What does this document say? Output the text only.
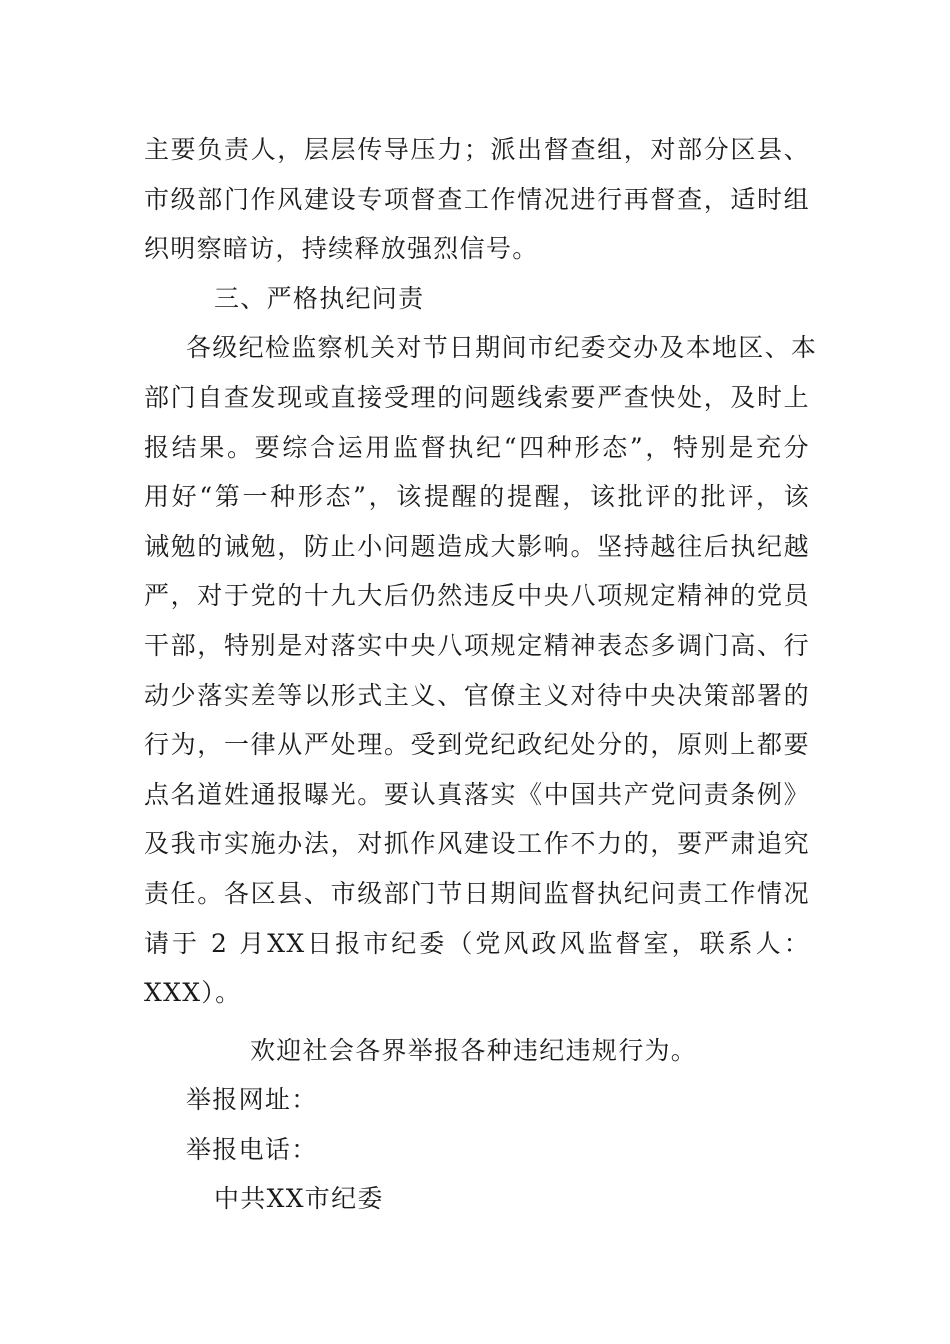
主要负责人，层层传导压力；派出督查组，对部分区县、
市级部门作风建设专项督查工作情况进行再督查，适时组
织明察暗访，持续释放强烈信号。
三、严格执纪问责
各级纪检监察机关对节日期间市纪委交办及本地区、本
部门自查发现或直接受理的问题线索要严查快处，及时上
报结果。要综合运用监督执纪“四种形态”，特别是充分
用好“第一种形态”，该提醒的提醒，该批评的批评，该
诫勉的诫勉，防止小问题造成大影响。坚持越往后执纪越
严，对于党的十九大后仍然违反中央八项规定精神的党员
干部，特别是对落实中央八项规定精神表态多调门高、行
动少落实差等以形式主义、官僚主义对待中央决策部署的
行为，一律从严处理。受到党纪政纪处分的，原则上都要
点名道姓通报曝光。要认真落实《中国共产党问责条例》
及我市实施办法，对抓作风建设工作不力的，要严肃追究
责任。各区县、市级部门节日期间监督执纪问责工作情况
请于 2 月XX日报市纪委（党风政风监督室，联系人：
XXX）。
欢迎社会各界举报各种违纪违规行为。
举报网址：
举报电话：
中共XX市纪委
